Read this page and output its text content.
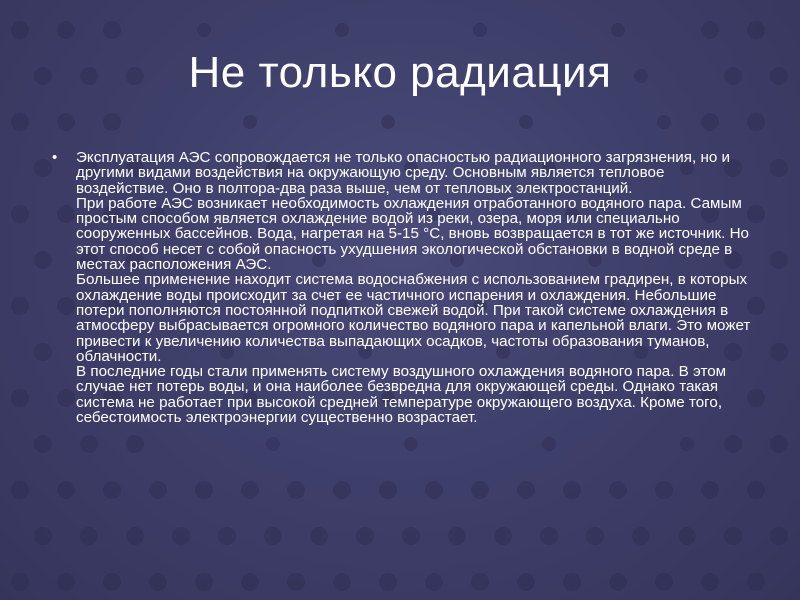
Не только радиация
•	Эксплуатация АЭС сопровождается не только опасностью радиационного загрязнения, но и другими видами воздействия на окружающую среду. Основным является тепловое воздействие. Оно в полтора-два раза выше, чем от тепловых электростанций.

При работе АЭС возникает необходимость охлаждения отработанного водяного пара. Самым простым способом является охлаждение водой из реки, озера, моря или специально сооруженных бассейнов. Вода, нагретая на 5-15 °С, вновь возвращается в тот же источник. Но этот способ несет с собой опасность ухудшения экологической обстановки в водной среде в местах расположения АЭС.

Большее применение находит система водоснабжения с использованием градирен, в которых охлаждение воды происходит за счет ее частичного испарения и охлаждения. Небольшие потери пополняются постоянной подпиткой свежей водой. При такой системе охлаждения в атмосферу выбрасывается огромного количество водяного пара и капельной влаги. Это может привести к увеличению количества выпадающих осадков, частоты образования туманов, облачности.

В последние годы стали применять систему воздушного охлаждения водяного пара. В этом случае нет потерь воды, и она наиболее безвредна для окружающей среды. Однако такая система не работает при высокой средней температуре окружающего воздуха. Кроме того, себестоимость электроэнергии существенно возрастает.
